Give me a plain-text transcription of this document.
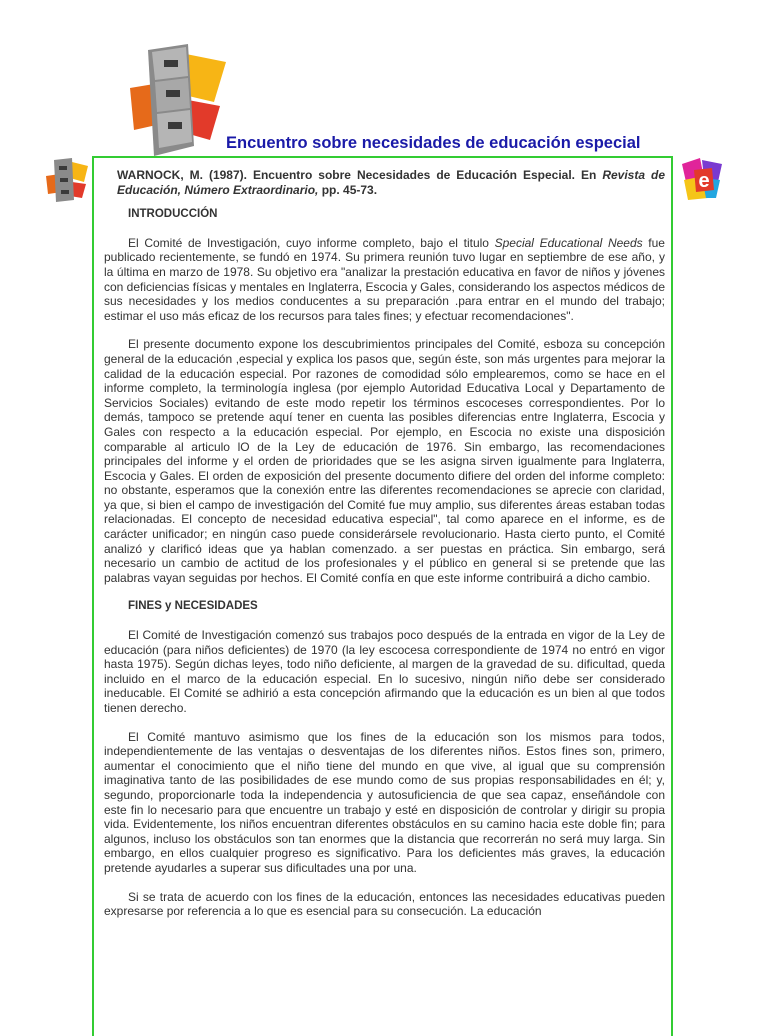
Encuentro sobre necesidades de educación especial
e
WARNOCK, M. (1987). Encuentro sobre Necesidades de Educación Especial. En Revista de Educación, Número Extraordinario, pp. 45-73.
INTRODUCCIÓN

El Comité de Investigación, cuyo informe completo, bajo el titulo Special Educational Needs fue publicado recientemente, se fundó en 1974. Su primera reunión tuvo lugar en septiembre de ese año, y la última en marzo de 1978. Su objetivo era "analizar la prestación educativa en favor de niños y jóvenes con deficiencias físicas y mentales en Inglaterra, Escocia y Gales, considerando los aspectos médicos de sus necesidades y los medios conducentes a su preparación .para entrar en el mundo del trabajo; estimar el uso más eficaz de los recursos para tales fines; y efectuar recomendaciones".

El presente documento expone los descubrimientos principales del Comité, esboza su concepción general de la educación ,especial y explica los pasos que, según éste, son más urgentes para mejorar la calidad de la educación especial. Por razones de comodidad sólo emplearemos, como se hace en el informe completo, la terminología inglesa (por ejemplo Autoridad Educativa Local y Departamento de Servicios Sociales) evitando de este modo repetir los términos escoceses correspondientes. Por lo demás, tampoco se pretende aquí tener en cuenta las posibles diferencias entre Inglaterra, Escocia y Gales con respecto a la educación especial. Por ejemplo, en Escocia no existe una disposición comparable al articulo lO de la Ley de educación de 1976. Sin embargo, las recomendaciones principales del informe y el orden de prioridades que se les asigna sirven igualmente para Inglaterra, Escocia y Gales. El orden de exposición del presente documento difiere del orden del informe completo: no obstante, esperamos que la conexión entre las diferentes recomendaciones se aprecie con claridad, ya que, si bien el campo de investigación del Comité fue muy amplio, sus diferentes áreas estaban todas relacionadas. El concepto de necesidad educativa especial", tal como aparece en el informe, es de carácter unificador; en ningún caso puede considerársele revolucionario. Hasta cierto punto, el Comité analizó y clarificó ideas que ya hablan comenzado. a ser puestas en práctica. Sin embargo, será necesario un cambio de actitud de los profesionales y el público en general si se pretende que las palabras vayan seguidas por hechos. El Comité confía en que este informe contribuirá a dicho cambio.

FINES y NECESIDADES

El Comité de Investigación comenzó sus trabajos poco después de la entrada en vigor de la Ley de educación (para niños deficientes) de 1970 (la ley escocesa correspondiente de 1974 no entró en vigor hasta 1975). Según dichas leyes, todo niño deficiente, al margen de la gravedad de su. dificultad, queda incluido en el marco de la educación especial. En lo sucesivo, ningún niño debe ser considerado ineducable. El Comité se adhirió a esta concepción afirmando que la educación es un bien al que todos tienen derecho.

El Comité mantuvo asimismo que los fines de la educación son los mismos para todos, independientemente de las ventajas o desventajas de los diferentes niños. Estos fines son, primero, aumentar el conocimiento que el niño tiene del mundo en que vive, al igual que su comprensión imaginativa tanto de las posibilidades de ese mundo como de sus propias responsabilidades en él; y, segundo, proporcionarle toda la independencia y autosuficiencia de que sea capaz, enseñándole con este fin lo necesario para que encuentre un trabajo y esté en disposición de controlar y dirigir su propia vida. Evidentemente, los niños encuentran diferentes obstáculos en su camino hacia este doble fin; para algunos, incluso los obstáculos son tan enormes que la distancia que recorrerán no será muy larga. Sin embargo, en ellos cualquier progreso es significativo. Para los deficientes más graves, la educación pretende ayudarles a superar sus dificultades una por una.

Si se trata de acuerdo con los fines de la educación, entonces las necesidades educativas pueden expresarse por referencia a lo que es esencial para su consecución. La educación
